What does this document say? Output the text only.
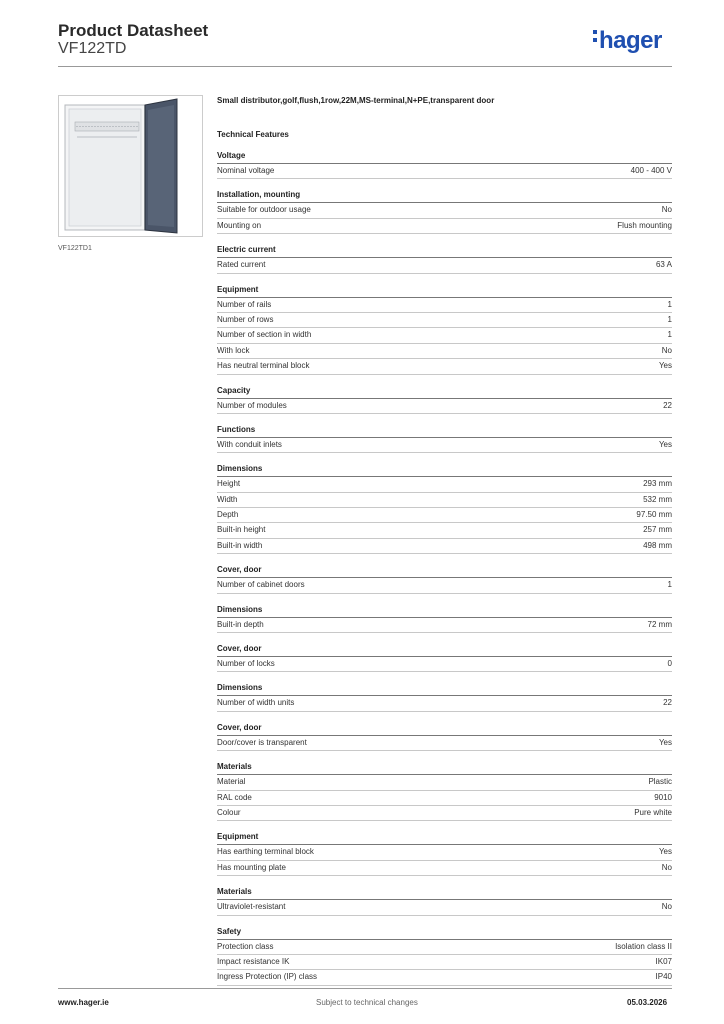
Product Datasheet
VF122TD	hager
VF122TD1
Small distributor,golf,flush,1row,22M,MS-terminal,N+PE,transparent door
Technical Features
Voltage
Nominal voltage	400 - 400 V
Installation, mounting
Suitable for outdoor usage	No
Mounting on	Flush mounting
Electric current
Rated current	63 A
Equipment
Number of rails	1
Number of rows	1
Number of section in width	1
With lock	No
Has neutral terminal block	Yes
Capacity
Number of modules	22
Functions
With conduit inlets	Yes
Dimensions
Height	293 mm
Width	532 mm
Depth	97.50 mm
Built-in height	257 mm
Built-in width	498 mm
Cover, door
Number of cabinet doors	1
Dimensions
Built-in depth	72 mm
Cover, door
Number of locks	0
Dimensions
Number of width units	22
Cover, door
Door/cover is transparent	Yes
Materials
Material	Plastic
RAL code	9010
Colour	Pure white
Equipment
Has earthing terminal block	Yes
Has mounting plate	No
Materials
Ultraviolet-resistant	No
Safety
Protection class	Isolation class II
Impact resistance IK	IK07
Ingress Protection (IP) class	IP40
www.hager.ie	Subject to technical changes	05.03.2026
